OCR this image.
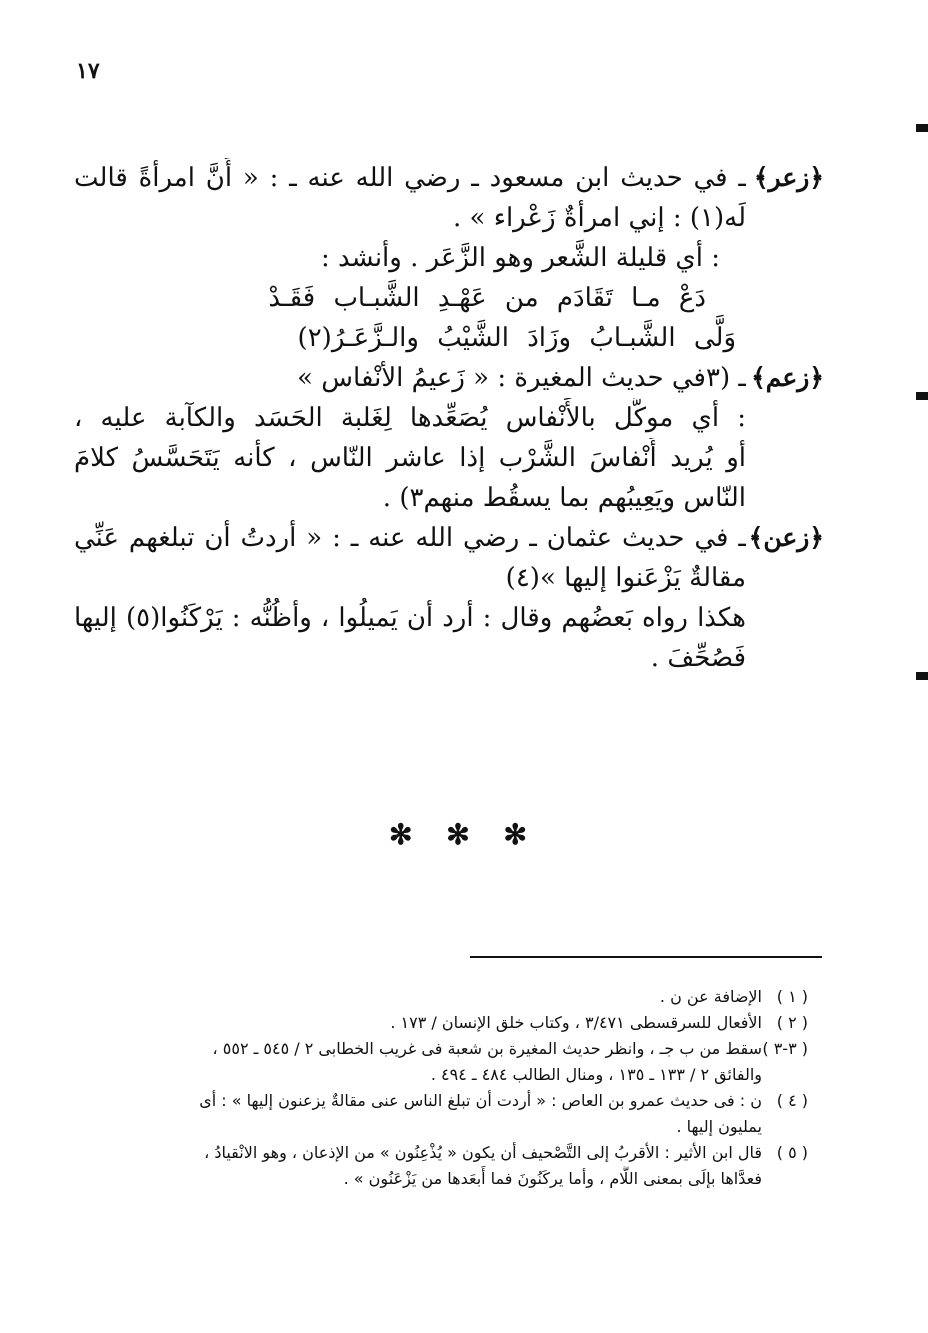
١٧
﴿زعر﴾
ـ في حديث ابن مسعود ـ رضي الله عنه ـ : « أَنَّ امرأةً قالت
لَه(١) : إني امرأةٌ زَعْراء » .
: أي قليلة الشَّعر وهو الزَّعَر . وأنشد :
دَعْ مـا تَقَادَم من عَهْـدِ الشَّبـاب فَقَـدْ
وَلَّى الشَّبـابُ وزَادَ الشَّيْبُ والـزَّعَـرُ(٢)
﴿زعم﴾
ـ (٣في حديث المغيرة : « زَعيمُ الأنْفاس »
: أي موكَّل بالأَنْفاس يُصَعِّدها لِغَلبة الحَسَد والكآبة عليه ،
أو يُريد أَنْفاسَ الشَّرْب إذا عاشر النّاس ، كأنه يَتَحَسَّسُ كلامَ
النّاس ويَعِيبُهم بما يسقُط منهم٣) .
﴿زعن﴾
ـ في حديث عثمان ـ رضي الله عنه ـ : « أردتُ أن تبلغهم عَنِّي
مقالةٌ يَزْعَنوا إليها »(٤)
هكذا رواه بَعضُهم وقال : أرد أن يَميلُوا ، وأظُنُّه : يَرْكَنُوا(٥) إليها
فَصُحِّفَ .
✻ ✻ ✻
( ١ )
الإضافة عن ن .
( ٢ )
الأفعال للسرقسطى ٣/٤٧١ ، وكتاب خلق الإنسان / ١٧٣ .
( ٣-٣ )
سقط من ب جـ ، وانظر حديث المغيرة بن شعبة فى غريب الخطابى ٢ / ٥٤٥ ـ ٥٥٢ ،
والفائق ٢ / ١٣٣ ـ ١٣٥ ، ومنال الطالب ٤٨٤ ـ ٤٩٤ .
( ٤ )
ن : فى حديث عمرو بن العاص : « أردت أن تبلغ الناس عنى مقالةٌ يزعنون إليها » : أى
يمليون إليها .
( ٥ )
قال ابن الأثير : الأقربُ إلى التَّصْحيف أن يكون « يُذْعِنُون » من الإذعان ، وهو الانْقيادُ ،
فعدَّاها بإلَى بمعنى اللَّام ، وأما يركَنُونَ فما أَبعَدها من يَزْعَنُون » .
